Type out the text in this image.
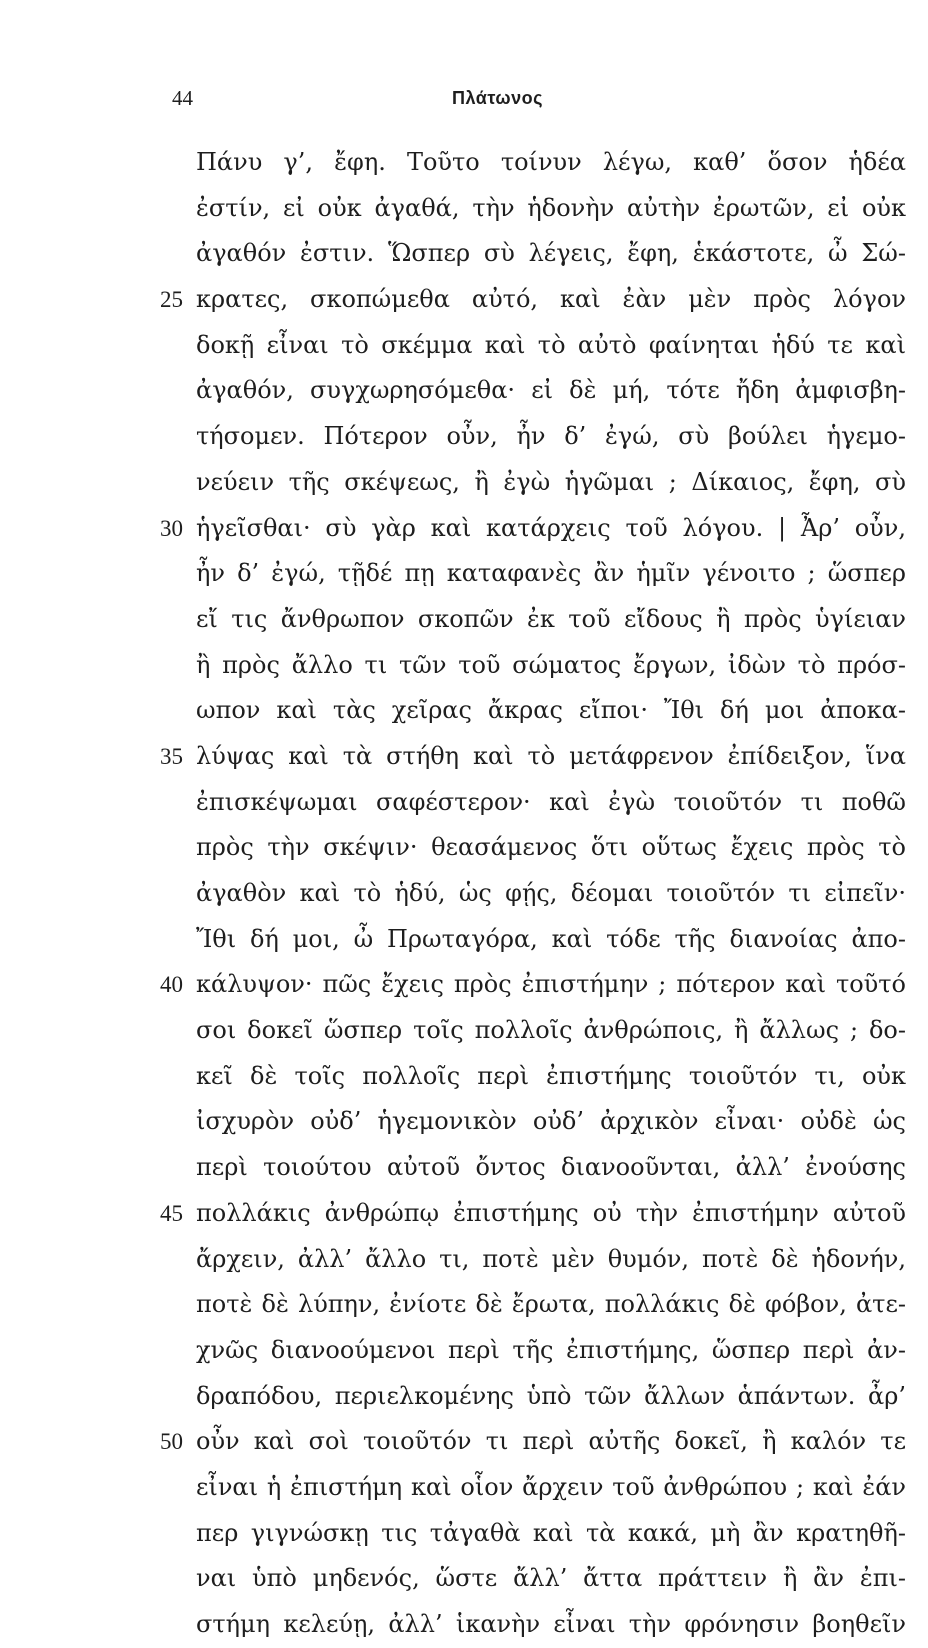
44	Πλάτωνος
Πάνυ γ’, ἔφη. Τοῦτο τοίνυν λέγω, καθ’ ὅσον ἡδέα
ἐστίν, εἰ οὐκ ἀγαθά, τὴν ἡδονὴν αὐτὴν ἐρωτῶν, εἰ οὐκ
ἀγαθόν ἐστιν. Ὥσπερ σὺ λέγεις, ἔφη, ἑκάστοτε, ὦ Σώ-
25 κρατες, σκοπώμεθα αὐτό, καὶ ἐὰν μὲν πρὸς λόγον
δοκῇ εἶναι τὸ σκέμμα καὶ τὸ αὐτὸ φαίνηται ἡδύ τε καὶ
ἀγαθόν, συγχωρησόμεθα· εἰ δὲ μή, τότε ἤδη ἀμφισβη-
τήσομεν. Πότερον οὖν, ἦν δ’ ἐγώ, σὺ βούλει ἡγεμο-
νεύειν τῆς σκέψεως, ἢ ἐγὼ ἡγῶμαι ; Δίκαιος, ἔφη, σὺ
30 ἡγεῖσθαι· σὺ γὰρ καὶ κατάρχεις τοῦ λόγου. | Ἆρ’ οὖν,
ἦν δ’ ἐγώ, τῇδέ πῃ καταφανὲς ἂν ἡμῖν γένοιτο ; ὥσπερ
εἴ τις ἄνθρωπον σκοπῶν ἐκ τοῦ εἴδους ἢ πρὸς ὑγίειαν
ἢ πρὸς ἄλλο τι τῶν τοῦ σώματος ἔργων, ἰδὼν τὸ πρόσ-
ωπον καὶ τὰς χεῖρας ἄκρας εἴποι· Ἴθι δή μοι ἀποκα-
35 λύψας καὶ τὰ στήθη καὶ τὸ μετάφρενον ἐπίδειξον, ἵνα
ἐπισκέψωμαι σαφέστερον· καὶ ἐγὼ τοιοῦτόν τι ποθῶ
πρὸς τὴν σκέψιν· θεασάμενος ὅτι οὕτως ἔχεις πρὸς τὸ
ἀγαθὸν καὶ τὸ ἡδύ, ὡς φῄς, δέομαι τοιοῦτόν τι εἰπεῖν·
Ἴθι δή μοι, ὦ Πρωταγόρα, καὶ τόδε τῆς διανοίας ἀπο-
40 κάλυψον· πῶς ἔχεις πρὸς ἐπιστήμην ; πότερον καὶ τοῦτό
σοι δοκεῖ ὥσπερ τοῖς πολλοῖς ἀνθρώποις, ἢ ἄλλως ; δο-
κεῖ δὲ τοῖς πολλοῖς περὶ ἐπιστήμης τοιοῦτόν τι, οὐκ
ἰσχυρὸν οὐδ’ ἡγεμονικὸν οὐδ’ ἀρχικὸν εἶναι· οὐδὲ ὡς
περὶ τοιούτου αὐτοῦ ὄντος διανοοῦνται, ἀλλ’ ἐνούσης
45 πολλάκις ἀνθρώπῳ ἐπιστήμης οὐ τὴν ἐπιστήμην αὐτοῦ
ἄρχειν, ἀλλ’ ἄλλο τι, ποτὲ μὲν θυμόν, ποτὲ δὲ ἡδονήν,
ποτὲ δὲ λύπην, ἐνίοτε δὲ ἔρωτα, πολλάκις δὲ φόβον, ἀτε-
χνῶς διανοούμενοι περὶ τῆς ἐπιστήμης, ὥσπερ περὶ ἀν-
δραπόδου, περιελκομένης ὑπὸ τῶν ἄλλων ἁπάντων. ἆρ’
50 οὖν καὶ σοὶ τοιοῦτόν τι περὶ αὐτῆς δοκεῖ, ἢ καλόν τε
εἶναι ἡ ἐπιστήμη καὶ οἷον ἄρχειν τοῦ ἀνθρώπου ; καὶ ἐάν
περ γιγνώσκῃ τις τἀγαθὰ καὶ τὰ κακά, μὴ ἂν κρατηθῆ-
ναι ὑπὸ μηδενός, ὥστε ἄλλ’ ἄττα πράττειν ἢ ἂν ἐπι-
στήμη κελεύῃ, ἀλλ’ ἱκανὴν εἶναι τὴν φρόνησιν βοηθεῖν
